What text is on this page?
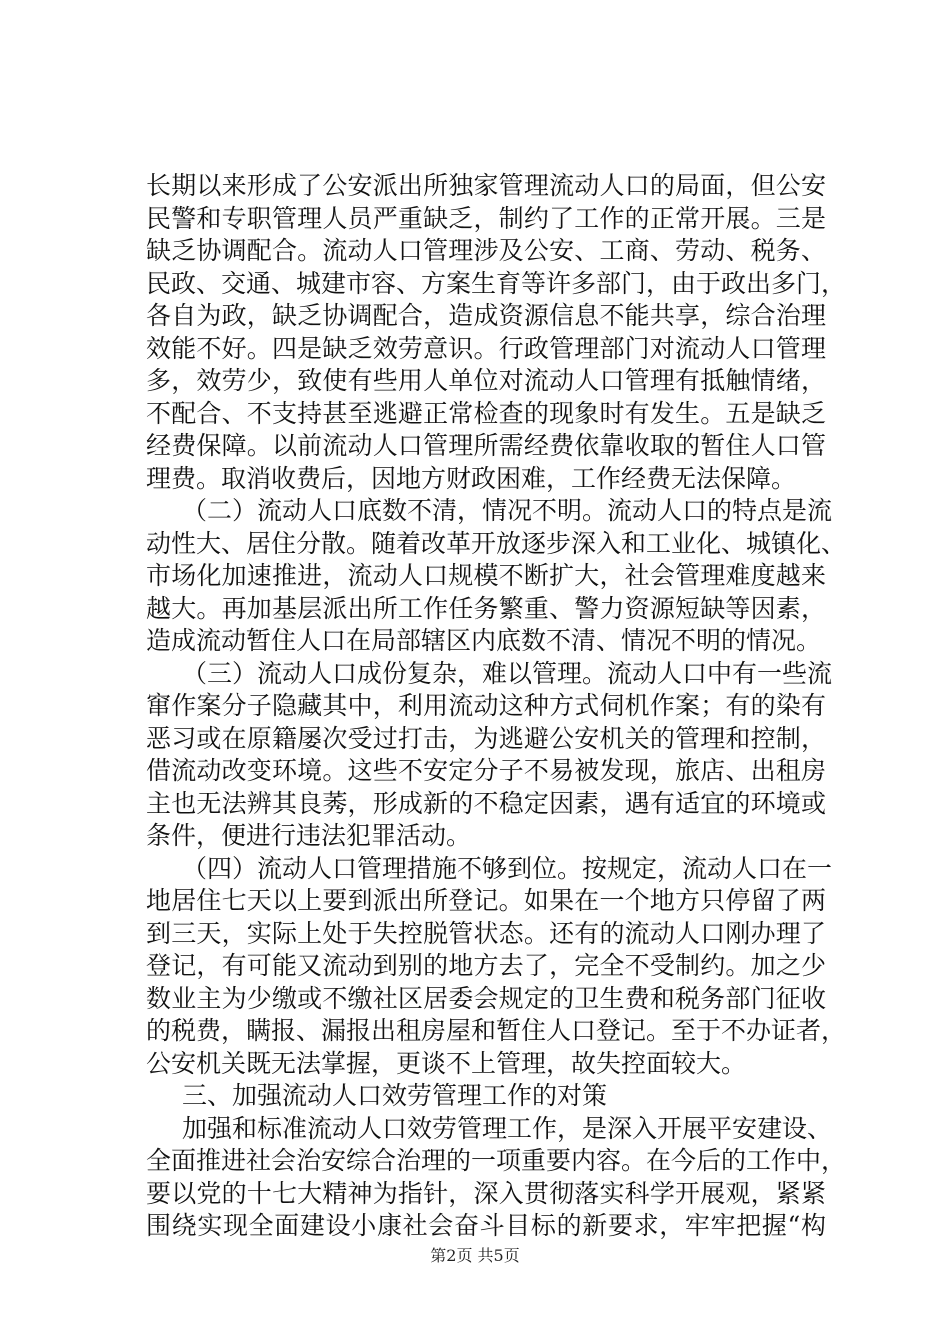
长期以来形成了公安派出所独家管理流动人口的局面，但公安
民警和专职管理人员严重缺乏，制约了工作的正常开展。三是
缺乏协调配合。流动人口管理涉及公安、工商、劳动、税务、
民政、交通、城建市容、方案生育等许多部门，由于政出多门，
各自为政，缺乏协调配合，造成资源信息不能共享，综合治理
效能不好。四是缺乏效劳意识。行政管理部门对流动人口管理
多，效劳少，致使有些用人单位对流动人口管理有抵触情绪，
不配合、不支持甚至逃避正常检查的现象时有发生。五是缺乏
经费保障。以前流动人口管理所需经费依靠收取的暂住人口管
理费。取消收费后，因地方财政困难，工作经费无法保障。
（二）流动人口底数不清，情况不明。流动人口的特点是流
动性大、居住分散。随着改革开放逐步深入和工业化、城镇化、
市场化加速推进，流动人口规模不断扩大，社会管理难度越来
越大。再加基层派出所工作任务繁重、警力资源短缺等因素，
造成流动暂住人口在局部辖区内底数不清、情况不明的情况。
（三）流动人口成份复杂，难以管理。流动人口中有一些流
窜作案分子隐藏其中，利用流动这种方式伺机作案；有的染有
恶习或在原籍屡次受过打击，为逃避公安机关的管理和控制，
借流动改变环境。这些不安定分子不易被发现，旅店、出租房
主也无法辨其良莠，形成新的不稳定因素，遇有适宜的环境或
条件，便进行违法犯罪活动。
（四）流动人口管理措施不够到位。按规定，流动人口在一
地居住七天以上要到派出所登记。如果在一个地方只停留了两
到三天，实际上处于失控脱管状态。还有的流动人口刚办理了
登记，有可能又流动到别的地方去了，完全不受制约。加之少
数业主为少缴或不缴社区居委会规定的卫生费和税务部门征收
的税费，瞒报、漏报出租房屋和暂住人口登记。至于不办证者，
公安机关既无法掌握，更谈不上管理，故失控面较大。
三、加强流动人口效劳管理工作的对策
加强和标准流动人口效劳管理工作，是深入开展平安建设、
全面推进社会治安综合治理的一项重要内容。在今后的工作中，
要以党的十七大精神为指针，深入贯彻落实科学开展观，紧紧
围绕实现全面建设小康社会奋斗目标的新要求，牢牢把握“构
第2页 共5页
